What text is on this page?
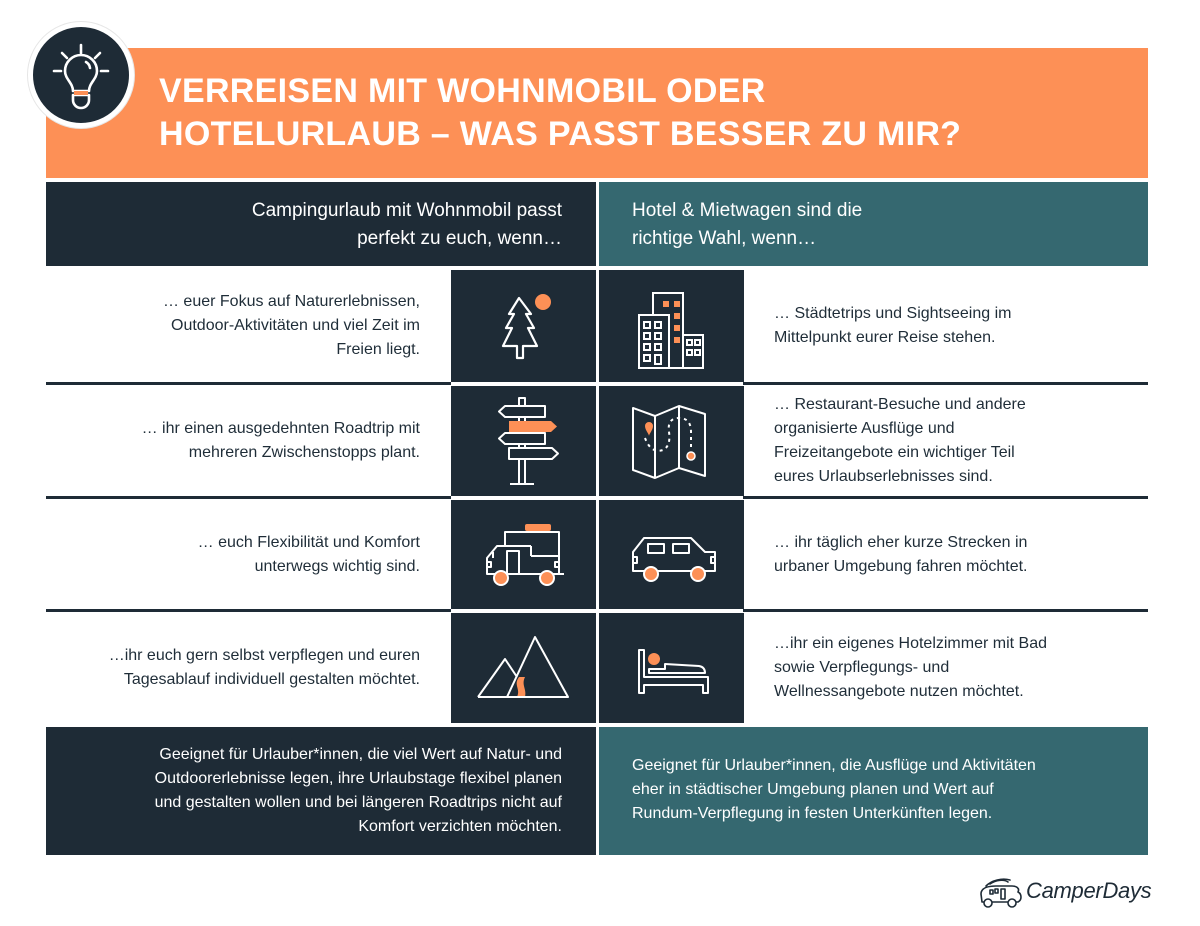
VERREISEN MIT WOHNMOBIL ODER
HOTELURLAUB – WAS PASST BESSER ZU MIR?
Campingurlaub mit Wohnmobil passt
perfekt zu euch, wenn…
Hotel & Mietwagen sind die
richtige Wahl, wenn…
… euer Fokus auf Naturerlebnissen,
Outdoor-Aktivitäten und viel Zeit im
Freien liegt.
… Städtetrips und Sightseeing im
Mittelpunkt eurer Reise stehen.
… ihr einen ausgedehnten Roadtrip mit
mehreren Zwischenstopps plant.
… Restaurant-Besuche und andere
organisierte Ausflüge und
Freizeitangebote ein wichtiger Teil
eures Urlaubserlebnisses sind.
… euch Flexibilität und Komfort
unterwegs wichtig sind.
… ihr täglich eher kurze Strecken in
urbaner Umgebung fahren möchtet.
…ihr euch gern selbst verpflegen und euren
Tagesablauf individuell gestalten möchtet.
…ihr ein eigenes Hotelzimmer mit Bad
sowie Verpflegungs- und
Wellnessangebote nutzen möchtet.
Geeignet für Urlauber*innen, die viel Wert auf Natur- und
Outdoorerlebnisse legen, ihre Urlaubstage flexibel planen
und gestalten wollen und bei längeren Roadtrips nicht auf
Komfort verzichten möchten.
Geeignet für Urlauber*innen, die Ausflüge und Aktivitäten
eher in städtischer Umgebung planen und Wert auf
Rundum-Verpflegung in festen Unterkünften legen.
CamperDays
